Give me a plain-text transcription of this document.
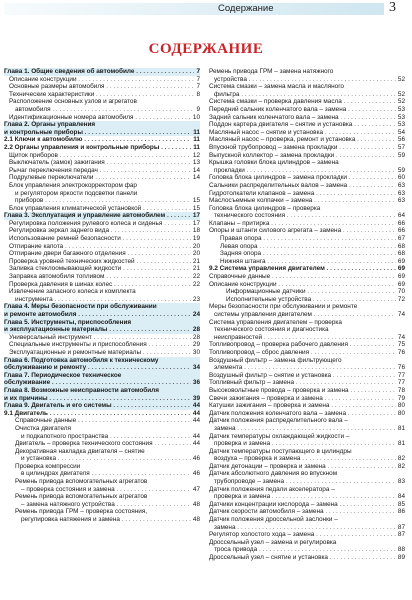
Содержание	3
СОДЕРЖАНИЕ
Глава 1. Общие сведения об автомобиле . . .	7
Описание конструкции . . .	7
Основные размеры автомобиля . . .	7
Технические характеристики . . .	8
Расположение основных узлов и агрегатов
автомобиля . . .	9
Идентификационные номера автомобиля . . .	10
Глава 2. Органы управления
и контрольные приборы . . .	11
2.1 Ключи к автомобилю . . .	11
2.2 Органы управления и контрольные приборы . . .	11
Щиток приборов . . .	12
Выключатель (замок) зажигания . . .	13
Рычаг переключения передач . . .	14
Подрулевые переключатели . . .	14
Блок управления электрокорректором фар
и регулятором яркости подсветки панели
приборов . . .	15
Блок управления климатической установкой . . .	15
Глава 3. Эксплуатация и управление автомобилем . . .	17
Регулировка положения рулевого колеса и сиденья . . .	17
Регулировка зеркал заднего вида . . .	18
Использование ремней безопасности . . .	19
Отпирание капота . . .	20
Отпирание двери багажного отделения . . .	20
Проверка уровней технических жидкостей . . .	21
Заливка стеклоомывающей жидкости . . .	21
Заправка автомобиля топливом . . .	22
Проверка давления в шинах колес . . .	22
Извлечение запасного колеса и комплекта
инструмента . . .	23
Глава 4. Меры безопасности при обслуживании
и ремонте автомобиля . . .	24
Глава 5. Инструменты, приспособления
и эксплуатационные материалы . . .	28
Универсальный инструмент . . .	28
Специальные инструменты и приспособления . . .	29
Эксплуатационные и ремонтные материалы . . .	30
Глава 6. Подготовка автомобиля к техническому
обслуживанию и ремонту . . .	34
Глава 7. Периодическое техническое
обслуживание . . .	36
Глава 8. Возможные неисправности автомобиля
и их причины . . .	39
Глава 9. Двигатель и его системы . . .	44
9.1 Двигатель . . .	44
Справочные данные . . .	44
Очистка двигателя
и подкапотного пространства . . .	44
Двигатель – проверка технического состояния . . .	44
Декоративная накладка двигателя – снятие
и установка . . .	46
Проверка компрессии
в цилиндрах двигателя . . .	46
Ремень привода вспомогательных агрегатов
– проверка состояния и замена . . .	47
Ремень привода вспомогательных агрегатов
– замена натяжного устройства . . .	48
Ремень привода ГРМ – проверка состояния,
регулировка натяжения и замена . . .	48
Ремень привода ГРМ – замена натяжного
устройства . . .	52
Система смазки – замена масла и масляного
фильтра . . .	52
Система смазки – проверка давления масла . . .	52
Передний сальник коленчатого вала – замена . . .	53
Задний сальник коленчатого вала – замена . . .	53
Поддон картера двигателя – снятие и установка . . .	53
Масляный насос – снятие и установка . . .	54
Масляный насос – проверка, ремонт и установка . . .	56
Впускной трубопровод – замена прокладки . . .	57
Выпускной коллектор – замена прокладки . . .	59
Крышка головки блока цилиндров – замена
прокладки . . .	59
Головка блока цилиндров – замена прокладки . . .	60
Сальники распределительных валов – замена . . .	63
Гидротолкатели клапанов – замена . . .	63
Маслосъемные колпачки – замена . . .	63
Головка блока цилиндров – проверка
технического состояния . . .	64
Клапаны – притирка . . .	66
Опоры и штанги силового агрегата – замена . . .	66
Правая опора . . .	67
Левая опора . . .	68
Задняя опора . . .	68
Нижняя штанга . . .	69
9.2 Система управления двигателем . . .	69
Справочные данные . . .	69
Описание конструкции . . .	69
Информационные датчики . . .	70
Исполнительные устройства . . .	72
Меры безопасности при обслуживании и ремонте
системы управления двигателем . . .	74
Система управления двигателем – проверка
технического состояния и диагностика
неисправностей . . .	74
Топливопровод – проверка рабочего давления . . .	75
Топливопровод – сброс давления . . .	76
Воздушный фильтр – замена фильтрующего
элемента . . .	76
Воздушный фильтр – снятие и установка . . .	77
Топливный фильтр – замена . . .	77
Высоковольтные провода – проверка и замена . . .	78
Свечи зажигания – проверка и замена . . .	79
Катушки зажигания – проверка и замена . . .	80
Датчик положения коленчатого вала – замена . . .	80
Датчик положения распределительного вала –
замена . . .	81
Датчик температуры охлаждающей жидкости –
проверка и замена . . .	81
Датчик температуры поступающего в цилиндры
воздуха – проверка и замена . . .	82
Датчик детонации – проверка и замена . . .	82
Датчик абсолютного давления во впускном
трубопроводе – замена . . .	83
Датчик положения педали акселератора –
проверка и замена . . .	84
Датчики концентрации кислорода – замена . . .	85
Датчик скорости автомобиля – замена . . .	86
Датчик положения дроссельной заслонки –
замена . . .	87
Регулятор холостого хода – замена . . .	87
Дроссельный узел – замена и регулировка
троса привода . . .	88
Дроссельный узел – снятие и установка . . .	89
